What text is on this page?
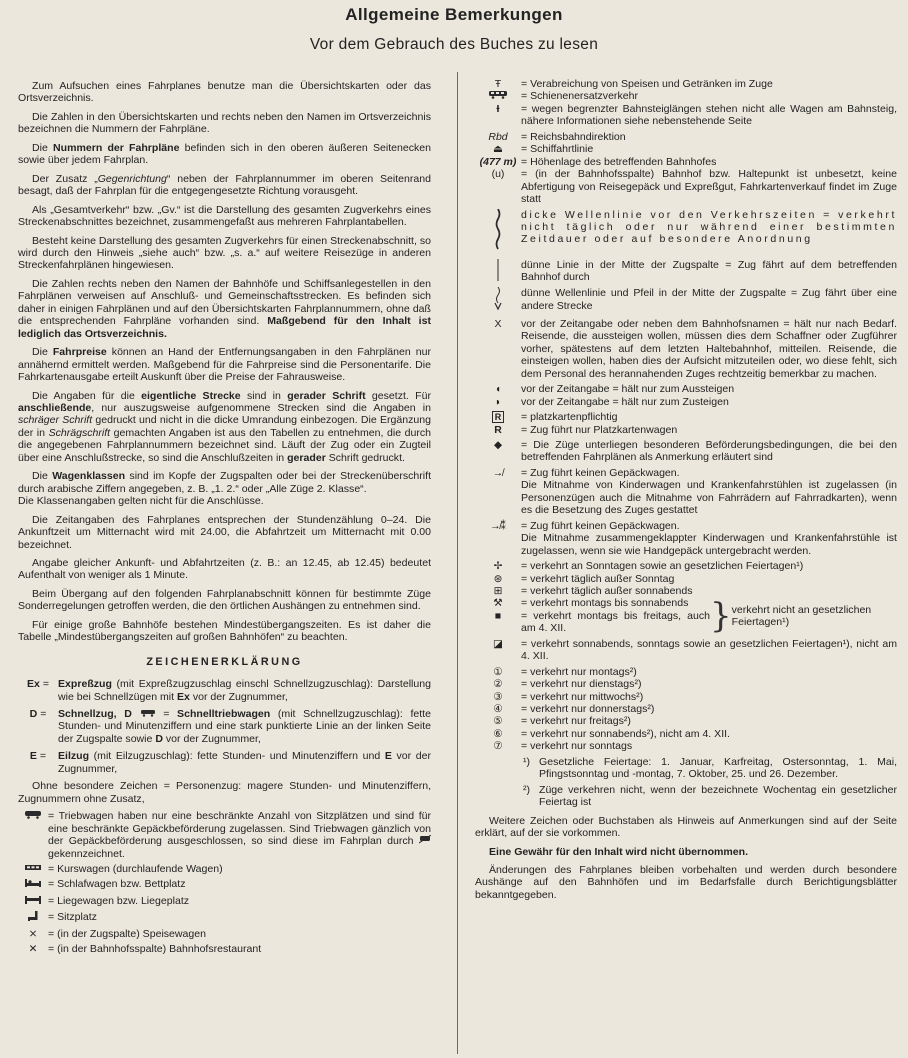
Allgemeine Bemerkungen
Vor dem Gebrauch des Buches zu lesen

Zum Aufsuchen eines Fahrplanes benutze man die Übersichtskarten oder das Ortsverzeichnis.

Die Zahlen in den Übersichtskarten und rechts neben den Namen im Ortsverzeichnis bezeichnen die Nummern der Fahrpläne.

Die Nummern der Fahrpläne befinden sich in den oberen äußeren Seitenecken sowie über jedem Fahrplan.

Der Zusatz „Gegenrichtung“ neben der Fahrplannummer im oberen Seitenrand besagt, daß der Fahrplan für die entgegengesetzte Richtung vorausgeht.

Als „Gesamtverkehr“ bzw. „Gv.“ ist die Darstellung des gesamten Zugverkehrs eines Streckenabschnittes bezeichnet, zusammengefaßt aus mehreren Fahrplantabellen.

Besteht keine Darstellung des gesamten Zugverkehrs für einen Streckenabschnitt, so wird durch den Hinweis „siehe auch“ bzw. „s. a.“ auf weitere Reisezüge in anderen Streckenfahrplänen hingewiesen.

Die Zahlen rechts neben den Namen der Bahnhöfe und Schiffsanlegestellen in den Fahrplänen verweisen auf Anschluß- und Gemeinschaftsstrecken. Es befinden sich daher in einigen Fahrplänen und auf den Übersichtskarten Fahrplannummern, ohne daß die entsprechenden Fahrpläne vorhanden sind. Maßgebend für den Inhalt ist lediglich das Ortsverzeichnis.

Die Fahrpreise können an Hand der Entfernungsangaben in den Fahrplänen nur annähernd ermittelt werden. Maßgebend für die Fahrpreise sind die Personentarife. Die Fahrkartenausgabe erteilt Auskunft über die Preise der Fahrausweise.

Die Angaben für die eigentliche Strecke sind in gerader Schrift gesetzt. Für anschließende, nur auszugsweise aufgenommene Strecken sind die Angaben in schräger Schrift gedruckt und nicht in die dicke Umrandung einbezogen. Die Ergänzung der in Schrägschrift gemachten Angaben ist aus den Tabellen zu entnehmen, die durch die angegebenen Fahrplannummern bezeichnet sind. Läuft der Zug oder ein Zugteil über eine Anschlußstrecke, so sind die Anschlußzeiten in gerader Schrift gedruckt.

Die Wagenklassen sind im Kopfe der Zugspalten oder bei der Streckenüberschrift durch arabische Ziffern angegeben, z. B. „1. 2.“ oder „Alle Züge 2. Klasse“.

Die Klassenangaben gelten nicht für die Anschlüsse.

Die Zeitangaben des Fahrplanes entsprechen der Stundenzählung 0–24. Die Ankunftzeit um Mitternacht wird mit 24.00, die Abfahrtzeit um Mitternacht mit 0.00 bezeichnet.

Angabe gleicher Ankunft- und Abfahrtzeiten (z. B.: an 12.45, ab 12.45) bedeutet Aufenthalt von weniger als 1 Minute.

Beim Übergang auf den folgenden Fahrplanabschnitt können für bestimmte Züge Sonderregelungen getroffen werden, die den örtlichen Aushängen zu entnehmen sind.

Für einige große Bahnhöfe bestehen Mindestübergangszeiten. Es ist daher die Tabelle „Mindestübergangszeiten auf großen Bahnhöfen“ zu beachten.

ZEICHENERKLÄRUNG
Ex = Expreßzug (mit Expreßzugzuschlag einschl Schnellzugzuschlag): Darstellung wie bei Schnellzügen mit Ex vor der Zugnummer,
D =	Schnellzug, D  = Schnelltriebwagen (mit Schnellzugzuschlag): fette Stunden- und Minutenziffern und eine stark punktierte Linie an der linken Seite der Zugspalte sowie D vor der Zugnummer,
E =	Eilzug (mit Eilzugzuschlag): fette Stunden- und Minutenziffern und E vor der Zugnummer,

Ohne besondere Zeichen = Personenzug: magere Stunden- und Minutenziffern, Zugnummern ohne Zusatz,

= Triebwagen haben nur eine beschränkte Anzahl von Sitzplätzen und sind für eine beschränkte Gepäckbeförderung zugelassen. Sind Triebwagen gänzlich von der Gepäckbeförderung ausgeschlossen, so sind diese im Fahrplan durch  gekennzeichnet.
= Kurswagen (durchlaufende Wagen)
= Schlafwagen bzw. Bettplatz
= Liegewagen bzw. Liegeplatz
= Sitzplatz
⨯	= (in der Zugspalte) Speisewagen
✕	= (in der Bahnhofsspalte) Bahnhofsrestaurant
Ŧ	= Verabreichung von Speisen und Getränken im Zuge
= Schienenersatzverkehr
Ɨ	= wegen begrenzter Bahnsteiglängen stehen nicht alle Wagen am Bahnsteig, nähere Informationen siehe nebenstehende Seite
Rbd	= Reichsbahndirektion
⏏	= Schiffahrtlinie
(477 m) = Höhenlage des betreffenden Bahnhofes
(u)	= (in der Bahnhofsspalte) Bahnhof bzw. Haltepunkt ist unbesetzt, keine Abfertigung von Reisegepäck und Expreßgut, Fahrkartenverkauf findet im Zuge statt
dicke Wellenlinie vor den Verkehrszeiten = verkehrt nicht täglich oder nur während einer bestimmten Zeitdauer oder auf besondere Anordnung
dünne Linie in der Mitte der Zugspalte = Zug fährt auf dem betreffenden Bahnhof durch
dünne Wellenlinie und Pfeil in der Mitte der Zugspalte = Zug fährt über eine andere Strecke
X	vor der Zeitangabe oder neben dem Bahnhofsnamen = hält nur nach Bedarf. Reisende, die aussteigen wollen, müssen dies dem Schaffner oder Zugführer vorher, spätestens auf dem letzten Haltebahnhof, mitteilen. Reisende, die einsteigen wollen, haben dies der Aufsicht mitzuteilen oder, wo diese fehlt, sich dem Personal des herannahenden Zuges rechtzeitig bemerkbar zu machen.
◖	vor der Zeitangabe = hält nur zum Aussteigen
◗	vor der Zeitangabe = hält nur zum Zusteigen
R	= platzkartenpflichtig
R	= Zug führt nur Platzkartenwagen
◆	= Die Züge unterliegen besonderen Beförderungsbedingungen, die bei den betreffenden Fahrplänen als Anmerkung erläutert sind
↛	= Zug führt keinen Gepäckwagen.
Die Mitnahme von Kinderwagen und Krankenfahrstühlen ist zugelassen (in Personenzügen auch die Mitnahme von Fahrrädern auf Fahrradkarten), wenn es die Besetzung des Zuges gestattet
↛⁑	= Zug führt keinen Gepäckwagen.
Die Mitnahme zusammengeklappter Kinderwagen und Krankenfahrstühle ist zugelassen, wenn sie wie Handgepäck untergebracht werden.
✢	= verkehrt an Sonntagen sowie an gesetzlichen Feiertagen¹)
⊛	= verkehrt täglich außer Sonntag
⊞	= verkehrt täglich außer sonnabends
⚒	= verkehrt montags bis sonnabends
■	= verkehrt montags bis freitags, auch am 4. XII.	} verkehrt nicht an gesetzlichen Feiertagen¹)
◪	= verkehrt sonnabends, sonntags sowie an gesetzlichen Feiertagen¹), nicht am 4. XII.
①	= verkehrt nur montags²)
②	= verkehrt nur dienstags²)
③	= verkehrt nur mittwochs²)
④	= verkehrt nur donnerstags²)
⑤	= verkehrt nur freitags²)
⑥	= verkehrt nur sonnabends²), nicht am 4. XII.
⑦	= verkehrt nur sonntags
¹) Gesetzliche Feiertage: 1. Januar, Karfreitag, Ostersonntag, 1. Mai, Pfingstsonntag und -montag, 7. Oktober, 25. und 26. Dezember.
²) Züge verkehren nicht, wenn der bezeichnete Wochentag ein gesetzlicher Feiertag ist

Weitere Zeichen oder Buchstaben als Hinweis auf Anmerkungen sind auf der Seite erklärt, auf der sie vorkommen.

Eine Gewähr für den Inhalt wird nicht übernommen.

Änderungen des Fahrplanes bleiben vorbehalten und werden durch besondere Aushänge auf den Bahnhöfen und im Bedarfsfalle durch Berichtigungsblätter bekanntgegeben.
